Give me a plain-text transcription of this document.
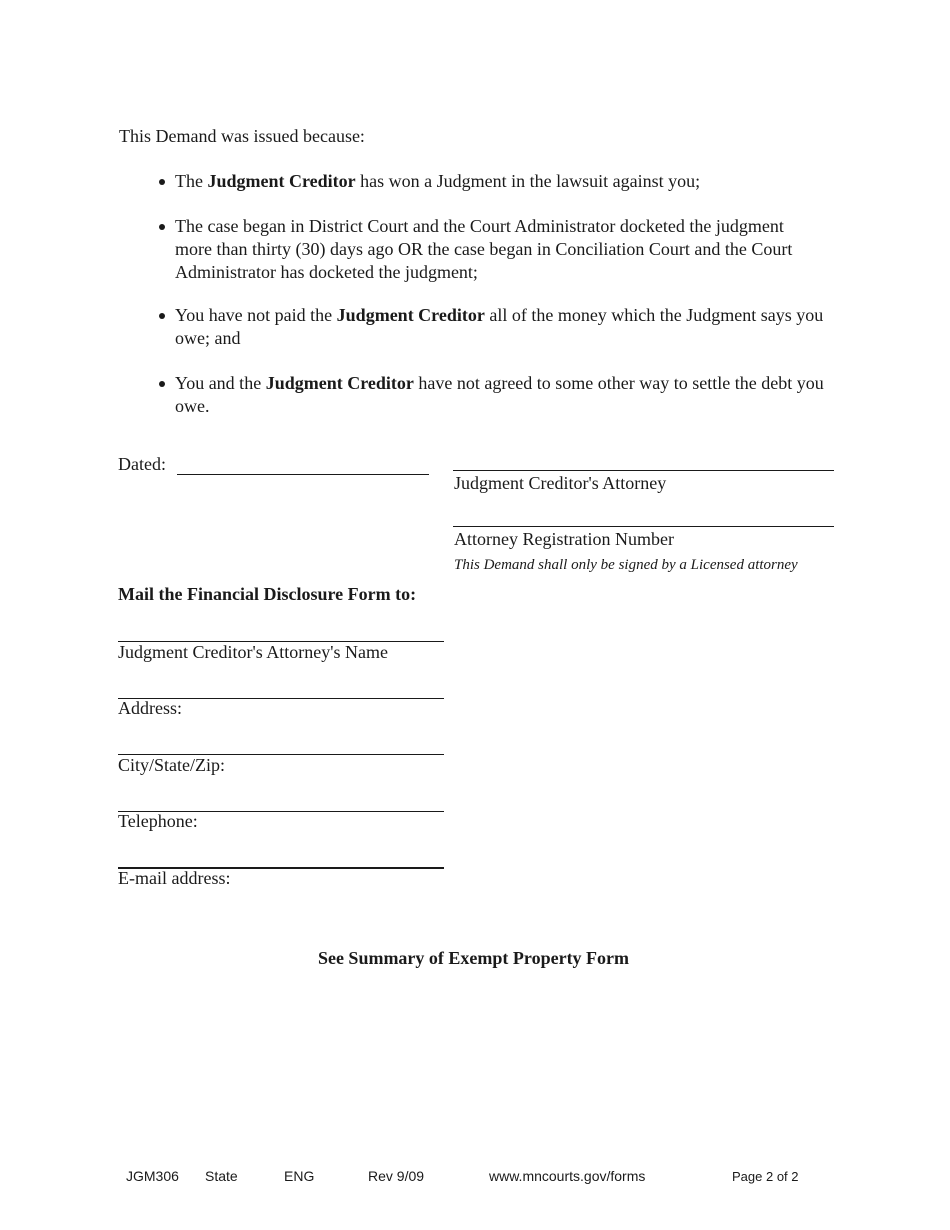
This Demand was issued because:
The Judgment Creditor has won a Judgment in the lawsuit against you;
The case began in District Court and the Court Administrator docketed the judgment more than thirty (30) days ago OR the case began in Conciliation Court and the Court Administrator has docketed the judgment;
You have not paid the Judgment Creditor all of the money which the Judgment says you owe; and
You and the Judgment Creditor have not agreed to some other way to settle the debt you owe.
Dated:
Judgment Creditor's Attorney
Attorney Registration Number
This Demand shall only be signed by a Licensed attorney
Mail the Financial Disclosure Form to:
Judgment Creditor's Attorney's Name
Address:
City/State/Zip:
Telephone:
E-mail address:
See Summary of Exempt Property Form
JGM306 State	ENG	Rev 9/09	www.mncourts.gov/forms	Page 2 of 2
